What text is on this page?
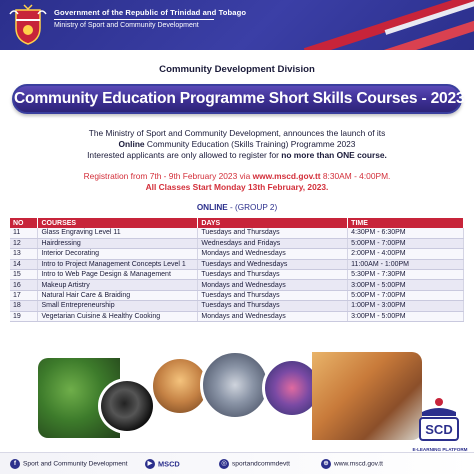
Government of the Republic of Trinidad and Tobago
Ministry of Sport and Community Development
Community Development Division
Community Education Programme Short Skills Courses - 2023
The Ministry of Sport and Community Development, announces the launch of its
Online Community Education (Skills Training) Programme 2023
Interested applicants are only allowed to register for no more than ONE course.
Registration from 7th - 9th February 2023 via www.mscd.gov.tt 8:30AM - 4:00PM.
All Classes Start Monday 13th February, 2023.
ONLINE - (GROUP 2)
NO	COURSES	DAYS	TIME
11	Glass Engraving Level 11	Tuesdays and Thursdays	4:30PM - 6:30PM
12	Hairdressing	Wednesdays and Fridays	5:00PM - 7:00PM
13	Interior Decorating	Mondays and Wednesdays	2:00PM - 4:00PM
14	Intro to Project Management Concepts Level 1	Tuesdays and Wednesdays	11:00AM - 1:00PM
15	Intro to Web Page Design & Management	Tuesdays and Thursdays	5:30PM - 7:30PM
16	Makeup Artistry	Mondays and Wednesdays	3:00PM - 5:00PM
17	Natural Hair Care & Braiding	Tuesdays and Thursdays	5:00PM - 7:00PM
18	Small Entrepreneurship	Tuesdays and Thursdays	1:00PM - 3:00PM
19	Vegetarian Cuisine & Healthy Cooking	Mondays and Wednesdays	3:00PM - 5:00PM
SCD
E-LEARNING PLATFORM
f Sport and Community Development	▶ MSCD	◎ sportandcommdevtt	⊕ www.mscd.gov.tt
